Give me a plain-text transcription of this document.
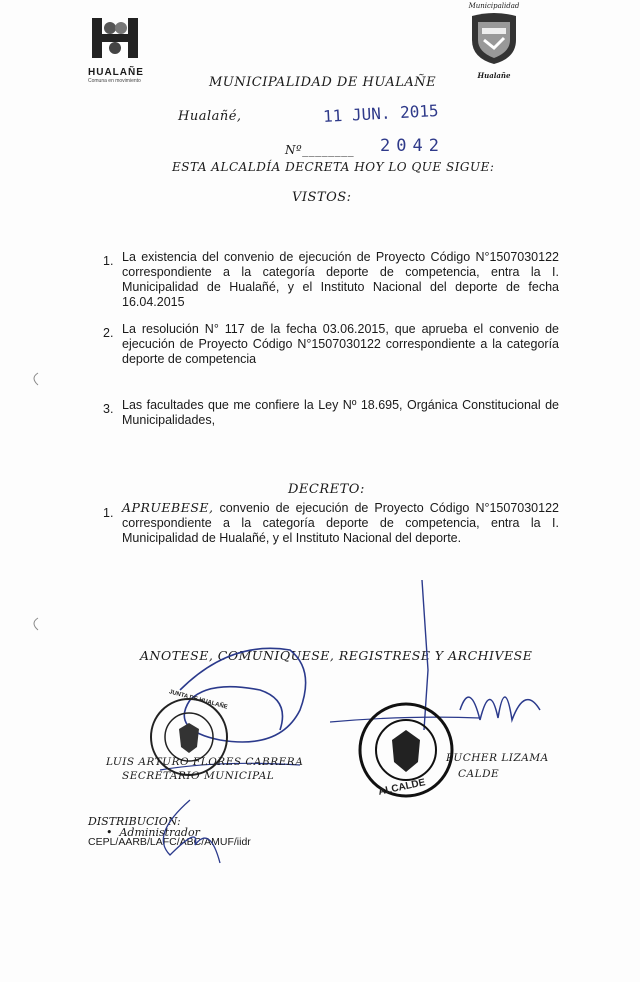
HUALAÑE
Comuna en movimiento
Municipalidad
Hualañe
MUNICIPALIDAD DE HUALAÑE
Hualañé,	11 JUN. 2015
Nº________ 2042
ESTA ALCALDÍA DECRETA HOY LO QUE SIGUE:
VISTOS:
1. La existencia del convenio de ejecución de Proyecto Código N°1507030122 correspondiente a la categoría deporte de competencia, entra la I. Municipalidad de Hualañé, y el Instituto Nacional del deporte de fecha 16.04.2015
2. La resolución N° 117 de la fecha 03.06.2015, que aprueba el convenio de ejecución de Proyecto Código N°1507030122 correspondiente a la categoría deporte de competencia
3. Las facultades que me confiere la Ley Nº 18.695, Orgánica Constitucional de Municipalidades,
DECRETO:
1. APRUEBESE, convenio de ejecución de Proyecto Código N°1507030122 correspondiente a la categoría deporte de competencia, entra la I. Municipalidad de Hualañé, y el Instituto Nacional del deporte.
ANOTESE, COMUNIQUESE, REGISTRESE Y ARCHIVESE
JUNTA DE HUALAÑE
ALCALDE
LUIS ARTURO FLORES CABRERA
SECRETARIO MUNICIPAL
PUCHER LIZAMA
CALDE
DISTRIBUCION:
•  Administrador
CEPL/AARB/LAFC/ABC/AMUF/iidr
